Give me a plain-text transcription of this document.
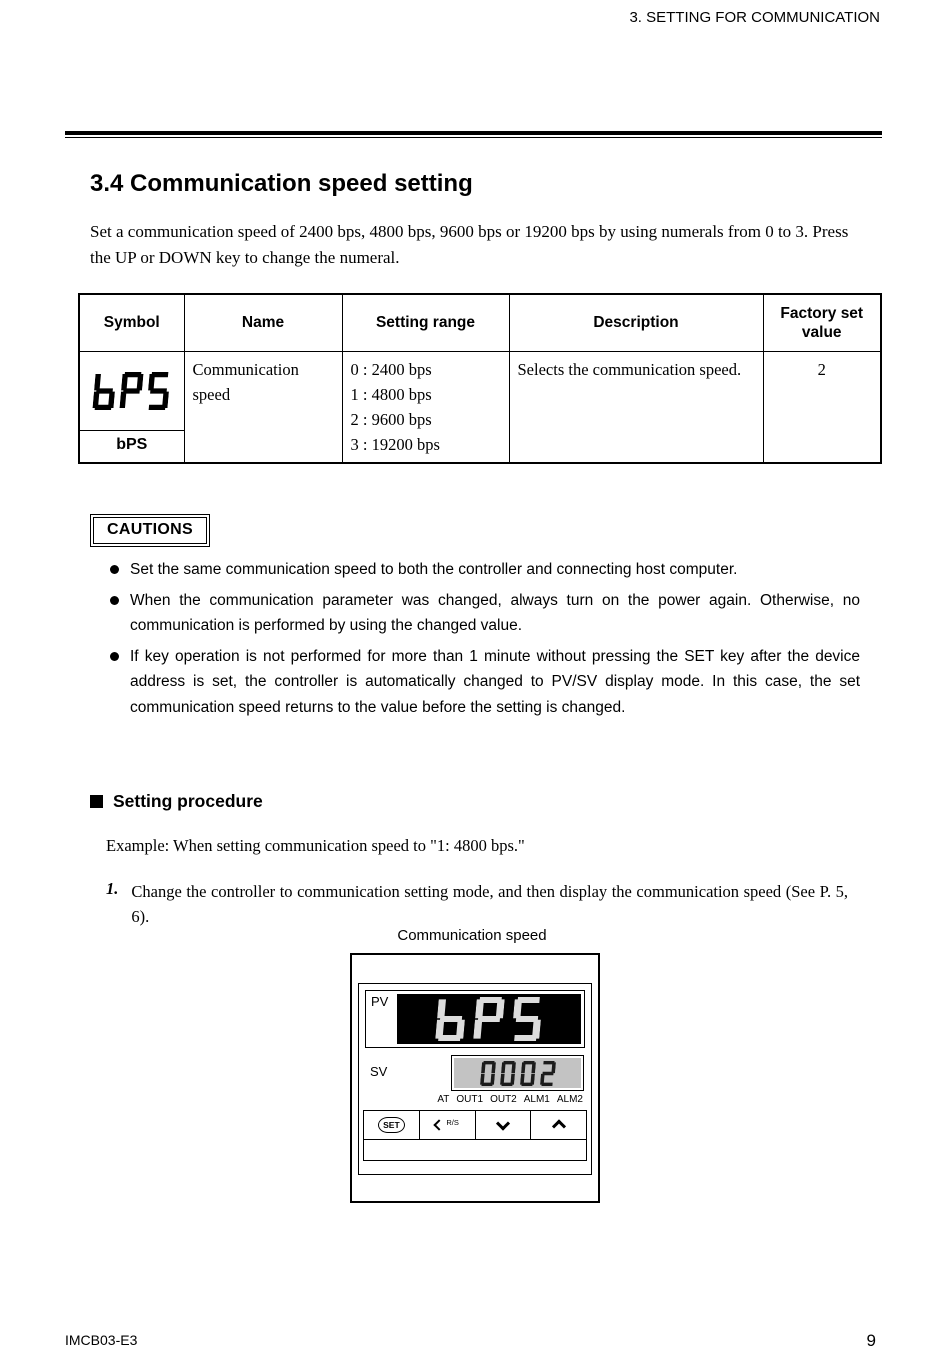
3. SETTING FOR COMMUNICATION
3.4 Communication speed setting

Set a communication speed of 2400 bps, 4800 bps, 9600 bps or 19200 bps by using numerals from 0 to 3. Press the UP or DOWN key to change the numeral.

Symbol	Name	Setting range	Description	Factory set value

bPS	Communication speed	0 : 2400 bps
1 : 4800 bps
2 : 9600 bps
3 : 19200 bps	Selects the communication speed.	2
CAUTIONS

Set the same communication speed to both the controller and connecting host computer.

When the communication parameter was changed, always turn on the power again. Otherwise, no communication is performed by using the changed value.

If key operation is not performed for more than 1 minute without pressing the SET key after the device address is set, the controller is automatically changed to PV/SV display mode. In this case, the set communication speed returns to the value before the setting is changed.

Setting procedure

Example: When setting communication speed to "1: 4800 bps."

1. Change the controller to communication setting mode, and then display the communication speed (See P. 5, 6).

Communication speed
PV
SV
AT OUT1 OUT2 ALM1 ALM2
SET	R/S
IMCB03-E3	9
